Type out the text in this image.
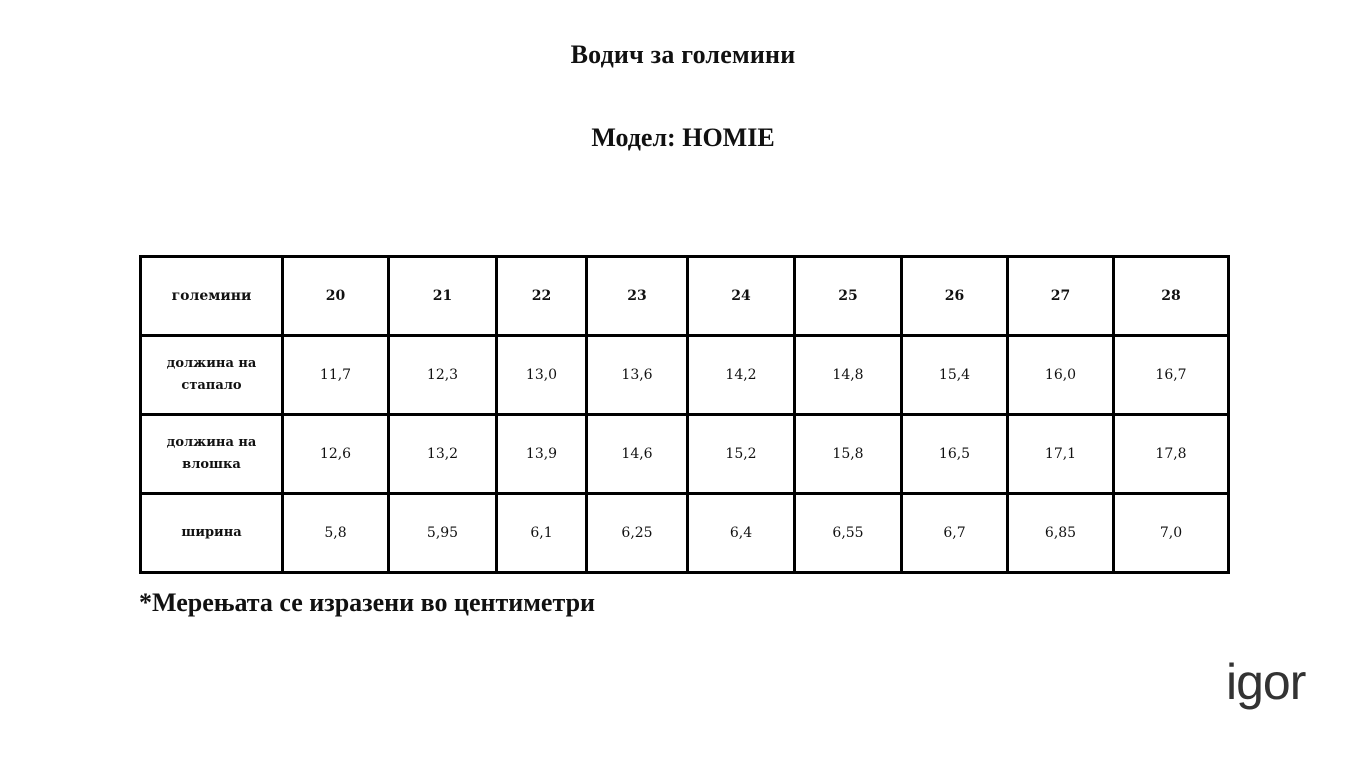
Водич за големини
Модел: HOMIE
големини	20	21	22	23	24	25	26	27	28
должина на
стапало	11,7	12,3	13,0	13,6	14,2	14,8	15,4	16,0	16,7
должина на
влошка	12,6	13,2	13,9	14,6	15,2	15,8	16,5	17,1	17,8
ширина	5,8	5,95	6,1	6,25	6,4	6,55	6,7	6,85	7,0
*Мерењата се изразени во центиметри
igor
